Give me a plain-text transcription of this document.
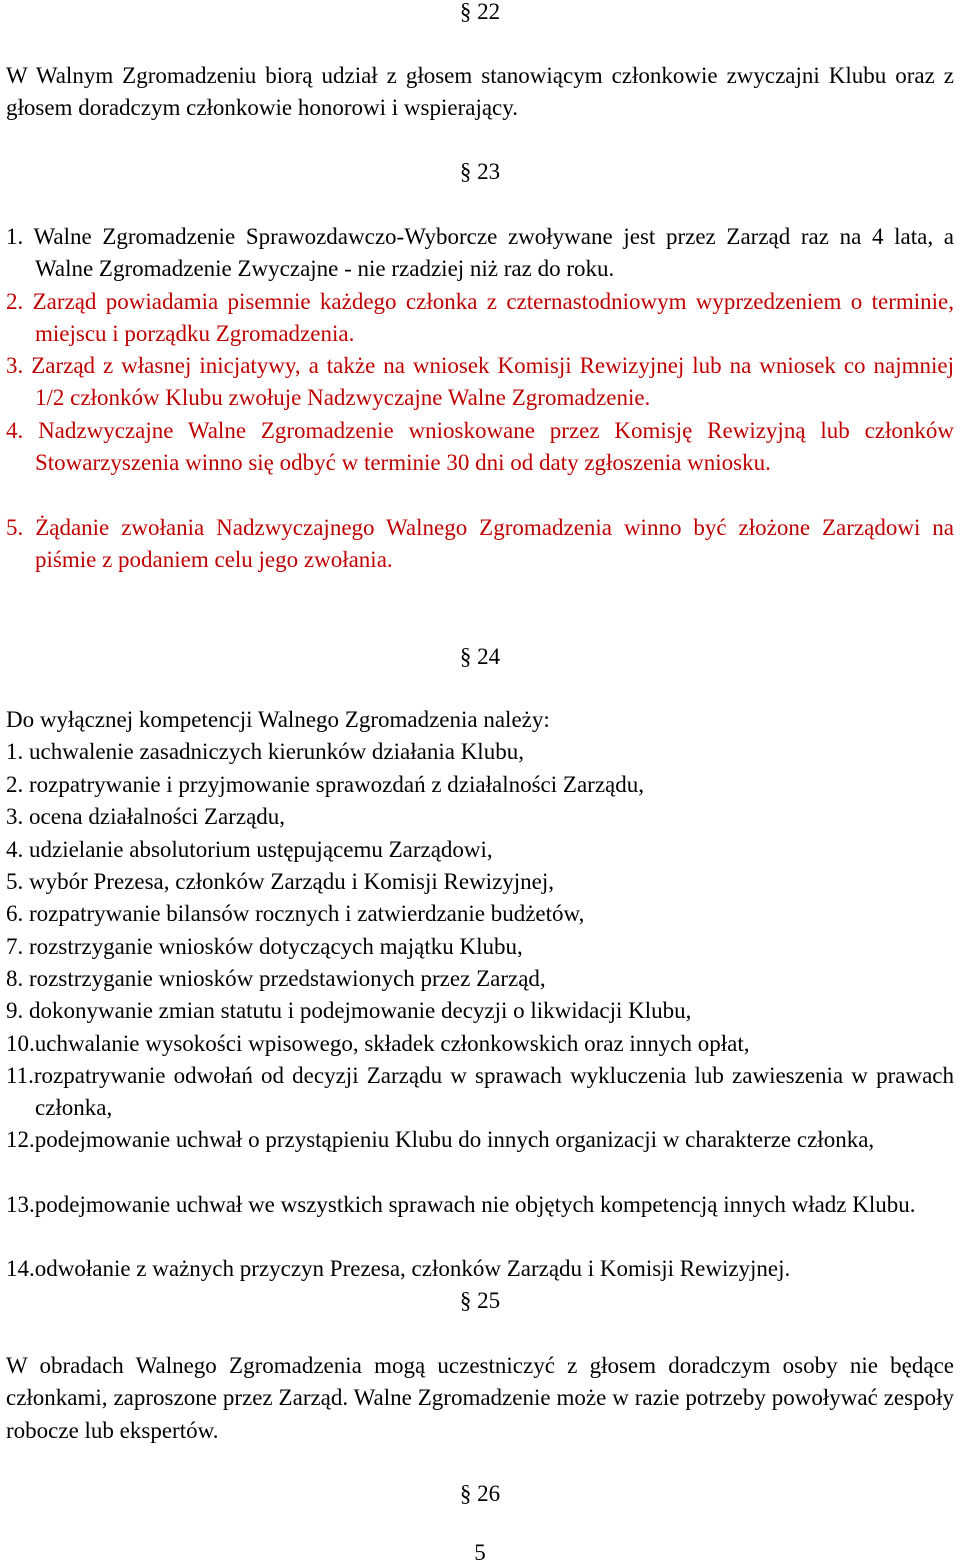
§ 22
W Walnym Zgromadzeniu biorą udział z głosem stanowiącym członkowie zwyczajni Klubu oraz z głosem doradczym członkowie honorowi i wspierający.
§ 23
1. Walne Zgromadzenie Sprawozdawczo-Wyborcze zwoływane jest przez Zarząd raz na 4 lata, a Walne Zgromadzenie Zwyczajne - nie rzadziej niż raz do roku.
2. Zarząd powiadamia pisemnie każdego członka z czternastodniowym wyprzedzeniem o terminie, miejscu i porządku Zgromadzenia.
3. Zarząd z własnej inicjatywy, a także na wniosek Komisji Rewizyjnej lub na wniosek co najmniej 1/2 członków Klubu zwołuje Nadzwyczajne Walne Zgromadzenie.
4. Nadzwyczajne Walne Zgromadzenie wnioskowane przez Komisję Rewizyjną lub członków Stowarzyszenia winno się odbyć w terminie 30 dni od daty zgłoszenia wniosku.
5. Żądanie zwołania Nadzwyczajnego Walnego Zgromadzenia winno być złożone Zarządowi na piśmie z podaniem celu jego zwołania.
§ 24
Do wyłącznej kompetencji Walnego Zgromadzenia należy:
1. uchwalenie zasadniczych kierunków działania Klubu,
2. rozpatrywanie i przyjmowanie sprawozdań z działalności Zarządu,
3. ocena działalności Zarządu,
4. udzielanie absolutorium ustępującemu Zarządowi,
5. wybór Prezesa, członków Zarządu i Komisji Rewizyjnej,
6. rozpatrywanie bilansów rocznych i zatwierdzanie budżetów,
7. rozstrzyganie wniosków dotyczących majątku Klubu,
8. rozstrzyganie wniosków przedstawionych przez Zarząd,
9. dokonywanie zmian statutu i podejmowanie decyzji o likwidacji Klubu,
10.uchwalanie wysokości wpisowego, składek członkowskich oraz innych opłat,
11.rozpatrywanie odwołań od decyzji Zarządu w sprawach wykluczenia lub zawieszenia w prawach członka,
12.podejmowanie uchwał o przystąpieniu Klubu do innych organizacji w charakterze członka,
13.podejmowanie uchwał we wszystkich sprawach nie objętych kompetencją innych władz Klubu.
14.odwołanie z ważnych przyczyn Prezesa, członków Zarządu i Komisji Rewizyjnej.
§ 25
W obradach Walnego Zgromadzenia mogą uczestniczyć z głosem doradczym osoby nie będące członkami, zaproszone przez Zarząd. Walne Zgromadzenie może w razie potrzeby powoływać zespoły robocze lub ekspertów.
§ 26
5
